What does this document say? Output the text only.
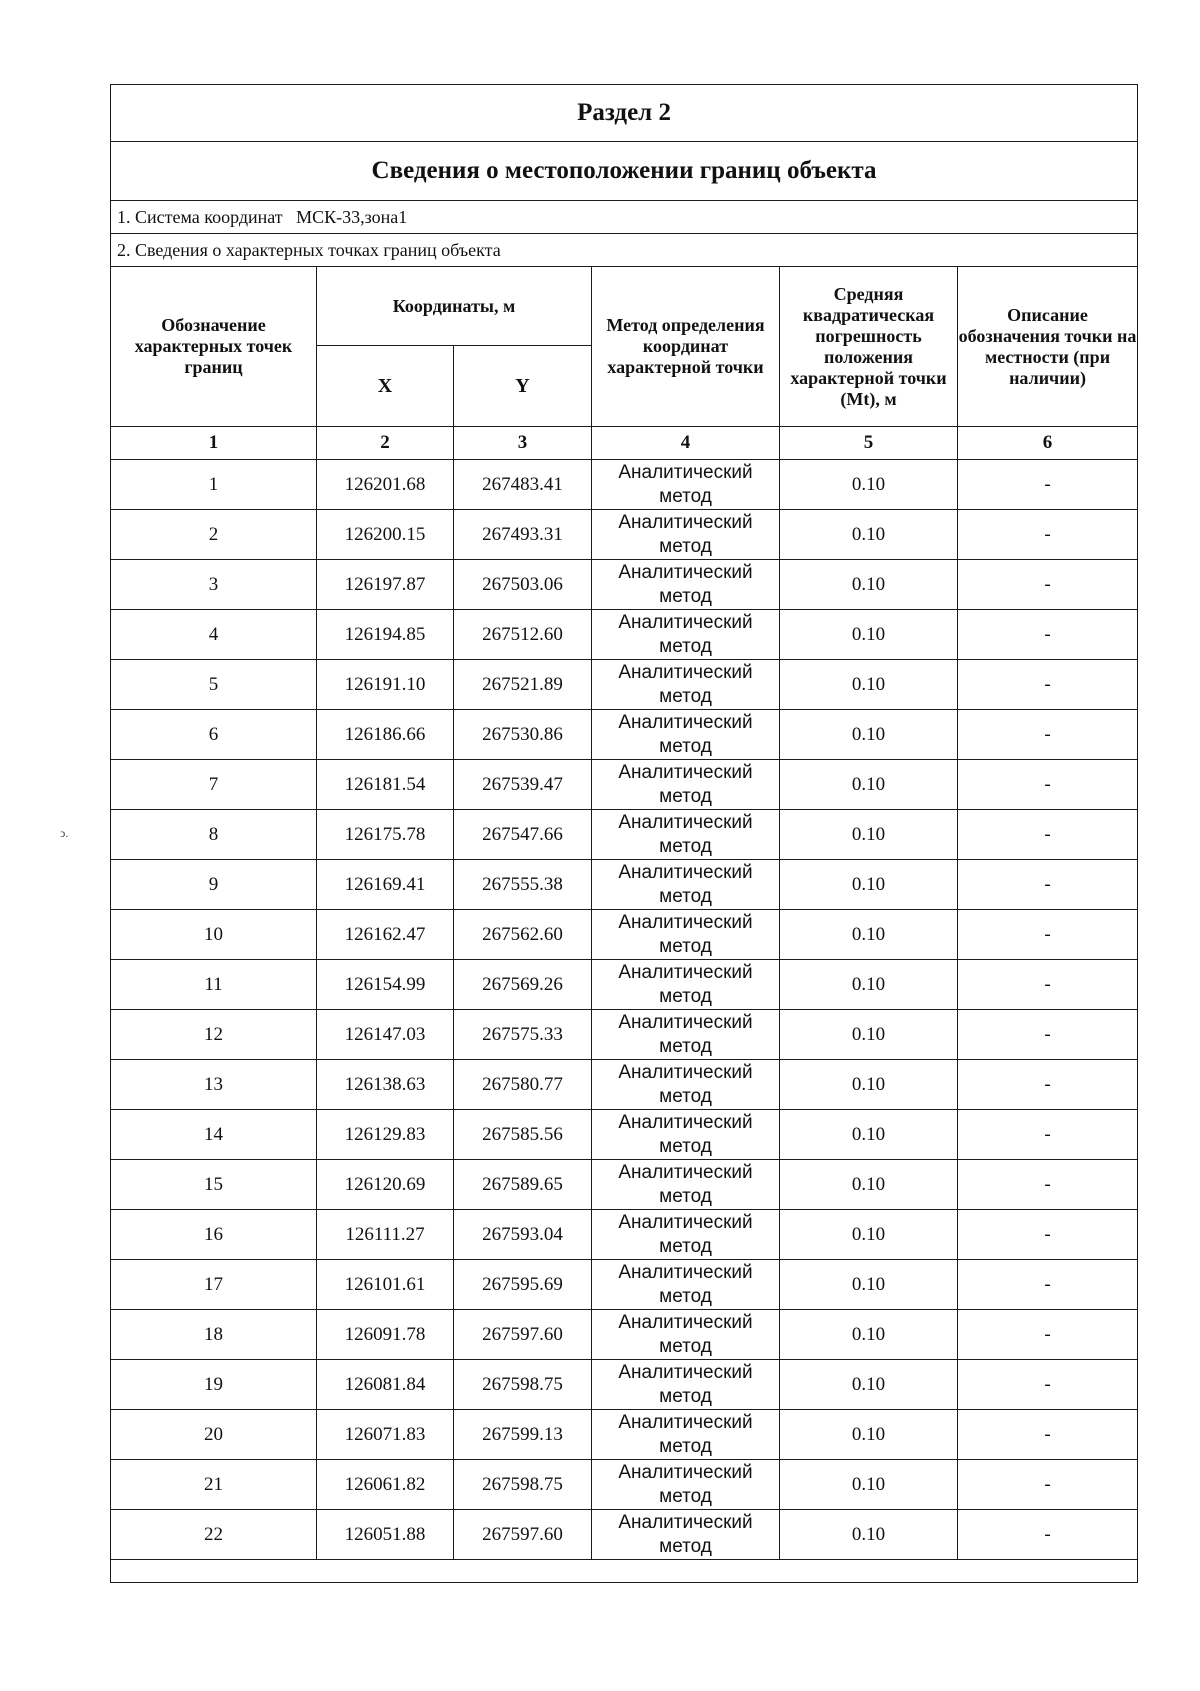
ↄ.
Раздел 2					
Сведения о местоположении границ объекта					
1. Система координат   МСК-33,зона1					
2. Сведения о характерных точках границ объекта					
Обозначение характерных точек границ	Координаты, м		Метод определения координат характерной точки	Средняя квадратическая погрешность положения характерной точки (Mt), м	Описание обозначения точки на местности (при наличии)
	X	Y			
1	2	3	4	5	6
1	126201.68	267483.41	Аналитический метод	0.10	-
2	126200.15	267493.31	Аналитический метод	0.10	-
3	126197.87	267503.06	Аналитический метод	0.10	-
4	126194.85	267512.60	Аналитический метод	0.10	-
5	126191.10	267521.89	Аналитический метод	0.10	-
6	126186.66	267530.86	Аналитический метод	0.10	-
7	126181.54	267539.47	Аналитический метод	0.10	-
8	126175.78	267547.66	Аналитический метод	0.10	-
9	126169.41	267555.38	Аналитический метод	0.10	-
10	126162.47	267562.60	Аналитический метод	0.10	-
11	126154.99	267569.26	Аналитический метод	0.10	-
12	126147.03	267575.33	Аналитический метод	0.10	-
13	126138.63	267580.77	Аналитический метод	0.10	-
14	126129.83	267585.56	Аналитический метод	0.10	-
15	126120.69	267589.65	Аналитический метод	0.10	-
16	126111.27	267593.04	Аналитический метод	0.10	-
17	126101.61	267595.69	Аналитический метод	0.10	-
18	126091.78	267597.60	Аналитический метод	0.10	-
19	126081.84	267598.75	Аналитический метод	0.10	-
20	126071.83	267599.13	Аналитический метод	0.10	-
21	126061.82	267598.75	Аналитический метод	0.10	-
22	126051.88	267597.60	Аналитический метод	0.10	-
